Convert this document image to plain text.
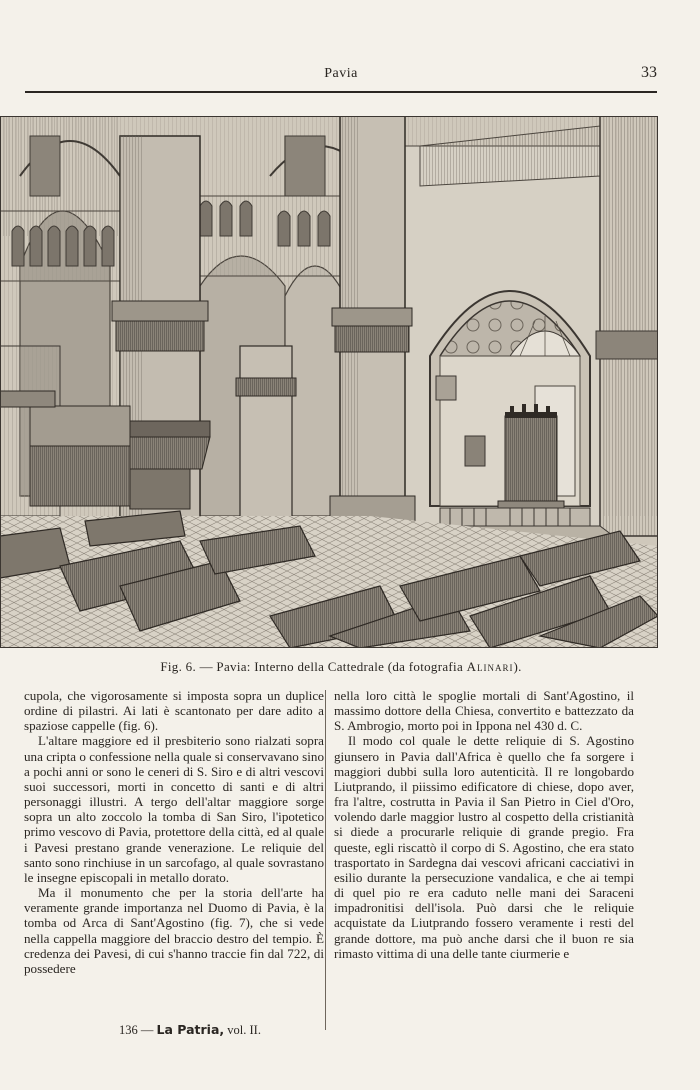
Pavia	33
Fig. 6. — Pavia: Interno della Cattedrale (da fotografia Alinari).

cupola, che vigorosamente si imposta sopra un duplice ordine di pilastri. Ai lati è scantonato per dare adito a spaziose cappelle (fig. 6).

L'altare maggiore ed il presbiterio sono rialzati sopra una cripta o confessione nella quale si conservavano sino a pochi anni or sono le ceneri di S. Siro e di altri vescovi suoi successori, morti in concetto di santi e di altri personaggi illustri. A tergo dell'altar maggiore sorge sopra un alto zoccolo la tomba di San Siro, l'ipotetico primo vescovo di Pavia, protettore della città, ed al quale i Pavesi prestano grande venerazione. Le reliquie del santo sono rinchiuse in un sarcofago, al quale sovrastano le insegne episcopali in metallo dorato.

Ma il monumento che per la storia dell'arte ha veramente grande importanza nel Duomo di Pavia, è la tomba od Arca di Sant'Agostino (fig. 7), che si vede nella cappella maggiore del braccio destro del tempio. È credenza dei Pavesi, di cui s'hanno traccie fin dal 722, di possedere

nella loro città le spoglie mortali di Sant'Agostino, il massimo dottore della Chiesa, convertito e battezzato da S. Ambrogio, morto poi in Ippona nel 430 d. C.

Il modo col quale le dette reliquie di S. Agostino giunsero in Pavia dall'Africa è quello che fa sorgere i maggiori dubbi sulla loro autenticità. Il re longobardo Liutprando, il piissimo edificatore di chiese, dopo aver, fra l'altre, costrutta in Pavia il San Pietro in Ciel d'Oro, volendo darle maggior lustro al cospetto della cristianità si diede a procurarle reliquie di grande pregio. Fra queste, egli riscattò il corpo di S. Agostino, che era stato trasportato in Sardegna dai vescovi africani cacciativi in esilio durante la persecuzione vandalica, e che ai tempi di quel pio re era caduto nelle mani dei Saraceni impadronitisi dell'isola. Può darsi che le reliquie acquistate da Liutprando fossero veramente i resti del grande dottore, ma può anche darsi che il buon re sia rimasto vittima di una delle tante ciurmerie e

136 — La Patria, vol. II.
